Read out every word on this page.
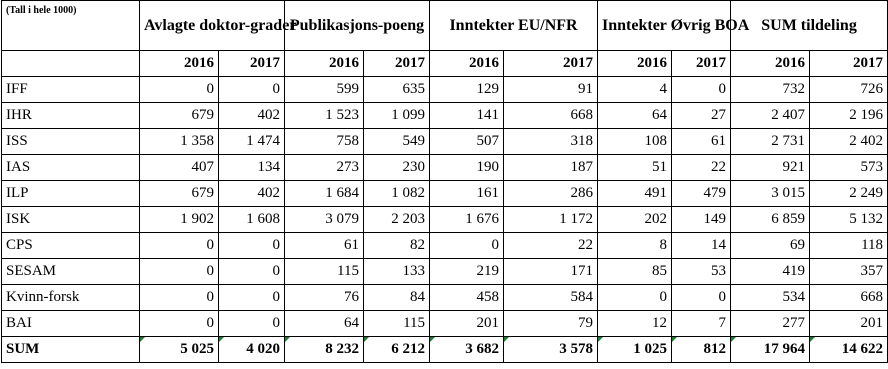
(Tall i hele 1000)	Avlagte doktor-grader		Publikasjons-poeng		Inntekter EU/NFR		Inntekter Øvrig BOA		SUM tildeling	
	2016	2017	2016	2017	2016	2017	2016	2017	2016	2017
IFF	0	0	599	635	129	91	4	0	732	726
IHR	679	402	1 523	1 099	141	668	64	27	2 407	2 196
ISS	1 358	1 474	758	549	507	318	108	61	2 731	2 402
IAS	407	134	273	230	190	187	51	22	921	573
ILP	679	402	1 684	1 082	161	286	491	479	3 015	2 249
ISK	1 902	1 608	3 079	2 203	1 676	1 172	202	149	6 859	5 132
CPS	0	0	61	82	0	22	8	14	69	118
SESAM	0	0	115	133	219	171	85	53	419	357
Kvinn-forsk	0	0	76	84	458	584	0	0	534	668
BAI	0	0	64	115	201	79	12	7	277	201
SUM	5 025	4 020	8 232	6 212	3 682	3 578	1 025	812	17 964	14 622
